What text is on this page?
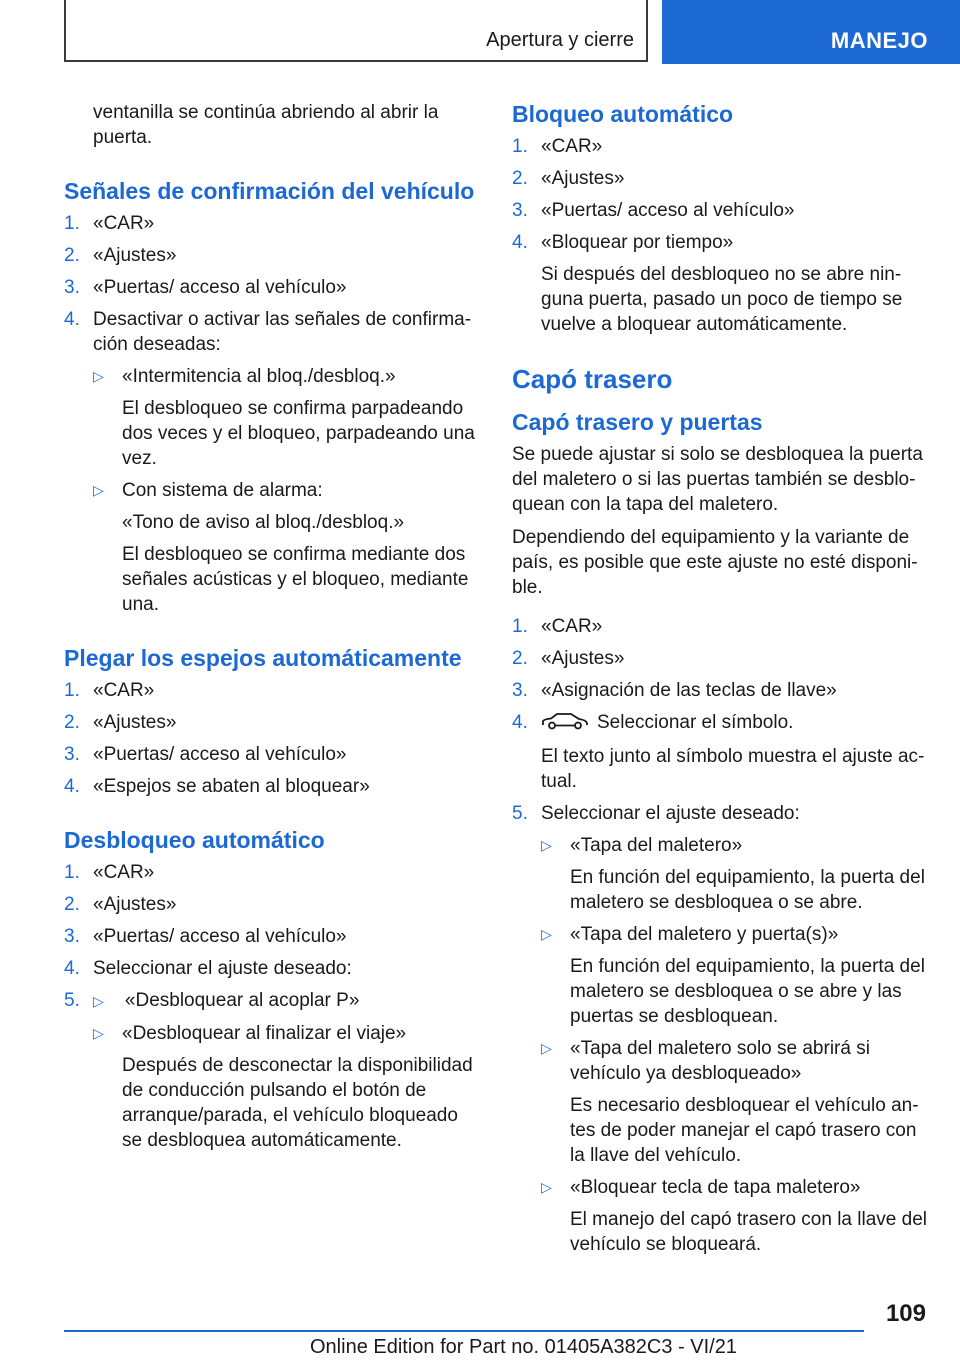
Apertura y cierre	MANEJO

ventanilla se continúa abriendo al abrir la puerta.

Señales de confirmación del vehículo
1. «CAR»
2. «Ajustes»
3. «Puertas/ acceso al vehículo»
4. Desactivar o activar las señales de confirma‐ción deseadas:
▷ «Intermitencia al bloq./desbloq.»
El desbloqueo se confirma parpadeando dos veces y el bloqueo, parpadeando una vez.
▷ Con sistema de alarma:
«Tono de aviso al bloq./desbloq.»
El desbloqueo se confirma mediante dos señales acústicas y el bloqueo, mediante una.
Plegar los espejos automáticamente
1. «CAR»
2. «Ajustes»
3. «Puertas/ acceso al vehículo»
4. «Espejos se abaten al bloquear»
Desbloqueo automático
1. «CAR»
2. «Ajustes»
3. «Puertas/ acceso al vehículo»
4. Seleccionar el ajuste deseado:
5. ▷ «Desbloquear al acoplar P»
▷ «Desbloquear al finalizar el viaje»
Después de desconectar la disponibilidad de conducción pulsando el botón de arranque/parada, el vehículo bloqueado se desbloquea automáticamente.
Bloqueo automático
1. «CAR»
2. «Ajustes»
3. «Puertas/ acceso al vehículo»
4. «Bloquear por tiempo»
Si después del desbloqueo no se abre nin‐guna puerta, pasado un poco de tiempo se vuelve a bloquear automáticamente.
Capó trasero
Capó trasero y puertas

Se puede ajustar si solo se desbloquea la puerta del maletero o si las puertas también se desblo‐quean con la tapa del maletero.

Dependiendo del equipamiento y la variante de país, es posible que este ajuste no esté disponi‐ble.

1. «CAR»
2. «Ajustes»
3. «Asignación de las teclas de llave»
4.	Seleccionar el símbolo.
El texto junto al símbolo muestra el ajuste ac‐tual.
5. Seleccionar el ajuste deseado:
▷ «Tapa del maletero»
En función del equipamiento, la puerta del maletero se desbloquea o se abre.
▷ «Tapa del maletero y puerta(s)»
En función del equipamiento, la puerta del maletero se desbloquea o se abre y las puertas se desbloquean.
▷ «Tapa del maletero solo se abrirá si vehículo ya desbloqueado»
Es necesario desbloquear el vehículo an‐tes de poder manejar el capó trasero con la llave del vehículo.
▷ «Bloquear tecla de tapa maletero»
El manejo del capó trasero con la llave del vehículo se bloqueará.
109
Online Edition for Part no. 01405A382C3 - VI/21
